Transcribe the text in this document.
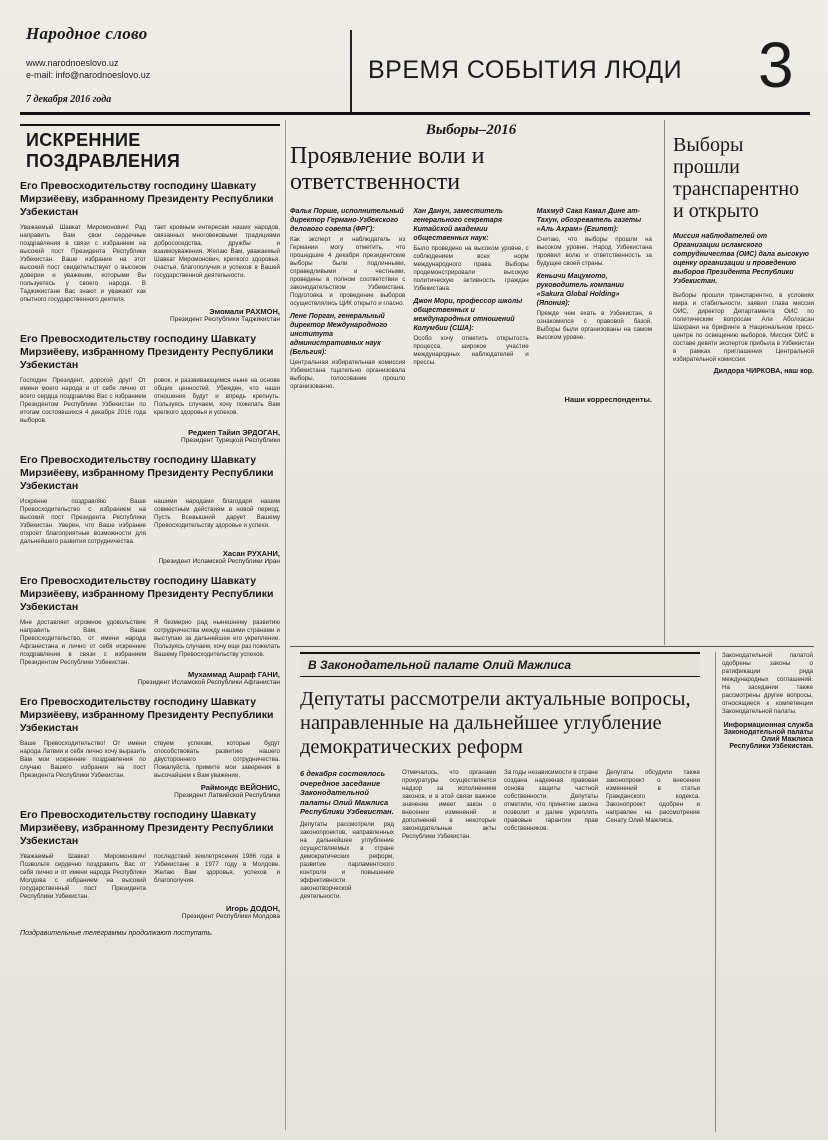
Народное слово
www.narodnoeslovo.uz
e-mail: info@narodnoeslovo.uz
7 декабря 2016 года
ВРЕМЯ СОБЫТИЯ ЛЮДИ 3
ИСКРЕННИЕ ПОЗДРАВЛЕНИЯ
Его Превосходительству господину Шавкату Мирзиёеву, избранному Президенту Республики Узбекистан
Уважаемый Шавкат Миромонович! Рад направить Вам свои сердечные поздравления в связи с избранием на высокий пост Президента Республики Узбекистан. Ваше избрание на этот высокий пост свидетельствует о высоком доверии и уважении, которыми Вы пользуетесь у своего народа. В Таджикистане Вас знают и уважают как опытного государственного деятеля.
тает кровным интересам наших народов, связанных многовековыми традициями добрососедства, дружбы и взаимоуважения. Желаю Вам, уважаемый Шавкат Миромонович, крепкого здоровья, счастья, благополучия и успехов в Вашей государственной деятельности.
Эмомали РАХМОН,
Президент Республики Таджикистан
Его Превосходительству господину Шавкату Мирзиёеву, избранному Президенту Республики Узбекистан
Господин Президент, дорогой друг! От имени моего народа и от себя лично от всего сердца поздравляю Вас с избранием Президентом Республики Узбекистан по итогам состоявшихся 4 декабря 2016 года выборов.
ровок, и раззвивающимся ныне на основе общих ценностей. Убежден, что наши отношения будут и впредь крепнуть. Пользуясь случаем, хочу пожелать Вам крепкого здоровья и успехов.
Реджеп Тайип ЭРДОГАН,
Президент Турецкой Республики
Его Превосходительству господину Шавкату Мирзиёеву, избранному Президенту Республики Узбекистан
Искренне поздравляю Вашe Превосходительство с избранием на высокий пост Президента Республики Узбекистан. Уверен, что Ваше избрание откроет благоприятные возможности для дальнейшего развития сотрудничества.
нашими народами благодаря нашим совместным действиям в новой период. Пусть Всевышний дарует Вашему Превосходительству здоровье и успехи.
Хасан РУХАНИ,
Президент Исламской Республики Иран
Его Превосходительству господину Шавкату Мирзиёеву, избранному Президенту Республики Узбекистан
Мне доставляет огромное удовольствие направить Вам, Ваше Превосходительство, от имени народа Афганистана и лично от себя искренние поздравления в связи с избранием Президентом Республики Узбекистан.
Я безмерно рад нынешнему развитию сотрудничества между нашими странами и выступаю за дальнейшее его укрепление. Пользуясь случаем, хочу еще раз пожелать Вашему Превосходительству успехов.
Мухаммад Ашраф ГАНИ,
Президент Исламской Республики Афганистан
Его Превосходительству господину Шавкату Мирзиёеву, избранному Президенту Республики Узбекистан
Ваше Превосходительство! От имени народа Латвии и себя лично хочу выразить Вам мои искренние поздравления по случаю Вашего избрания на пост Президента Республики Узбекистан.
ствуем успехам, которые будут способствовать развитию нашего двустороннего сотрудничества. Пожалуйста, примите мои заверения в высочайшем к Вам уважении.
Раймондс ВЕЙОНИС,
Президент Латвийской Республики
Его Превосходительству господину Шавкату Мирзиёеву, избранному Президенту Республики Узбекистан
Уважаемый Шавкат Миромонович! Позвольте сердечно поздравить Вас от себя лично и от имени народа Республики Молдова с избранием на высокий государственный пост Президента Республики Узбекистан.
последствий землетрясения 1986 года в Узбекистане в 1977 году в Молдове. Желаю Вам здоровья, успехов и благополучия.
Игорь ДОДОН,
Президент Республики Молдова
Поздравительные телеграммы продолжают поступать.
Выборы–2016
Проявление воли и ответственности
Фальк Порше, исполнительный директор Германо-Узбекского делового совета (ФРГ):
Как эксперт и наблюдатель из Германии могу отметить, что прошедшие 4 декабря президентские выборы были подлинными, справедливыми и честными, проведены в полном соответствии с законодательством Узбекистана. Подготовка и проведение выборов осуществлялись ЦИК открыто и гласно.
Лене Порган, генеральный директор Международного института административных наук (Бельгия):
Центральная избирательная комиссия Узбекистана тщательно организовала выборы, голосование прошло организованно.
Хан Данун, заместитель генерального секретаря Китайской академии общественных наук:
Было проведено на высоком уровне, с соблюдением всех норм международного права. Выборы продемонстрировали высокую политическую активность граждан Узбекистана.
Джон Мори, профессор школы общественных и международных отношений Колумбии (США):
Особо хочу отметить открытость процесса, широкое участие международных наблюдателей и прессы.
Махмуд Сака Камал Дине ат-Тахун, обозреватель газеты «Аль Ахрам» (Египет):
Считаю, что выборы прошли на высоком уровне. Народ Узбекистана проявил волю и ответственность за будущее своей страны.
Кеньичи Мацумото, руководитель компании «Sakura Global Holding» (Япония):
Прежде чем ехать в Узбекистан, я ознакомился с правовой базой. Выборы были организованы на самом высоком уровне.
Наши корреспонденты.
Выборы прошли транспарентно и открыто
Миссия наблюдателей от Организации исламского сотрудничества (ОИС) дала высокую оценку организации и проведению выборов Президента Республики Узбекистан.
Выборы прошли транспарентно, в условиях мира и стабильности, заявил глава миссии ОИС, директор Департамента ОИС по политическим вопросам Али Аболхасан Шахрани на брифинге в Национальном пресс-центре по освещению выборов. Миссия ОИС в составе девяти экспертов прибыла в Узбекистан в рамках приглашения Центральной избирательной комиссии.
Дилдора ЧИРКОВА, наш кор.
В Законодательной палате Олий Мажлиса
Депутаты рассмотрели актуальные вопросы, направленные на дальнейшее углубление демократических реформ
6 декабря состоялось очередное заседание Законодательной палаты Олий Мажлиса Республики Узбекистан.
Депутаты рассмотрели ряд законопроектов, направленных на дальнейшее углубление осуществляемых в стране демократических реформ, развитие парламентского контроля и повышение эффективности законотворческой деятельности.
Отмечалось, что органами прокуратуры осуществляется надзор за исполнением законов, и в этой связи важное значение имеет закон о внесении изменений и дополнений в некоторые законодательные акты Республики Узбекистан.
За годы независимости в стране создана надежная правовая основа защиты частной собственности. Депутаты отметили, что принятие закона позволит и далее укреплять правовые гарантии прав собственников.
Депутаты обсудили также законопроект о внесении изменений в статьи Гражданского кодекса. Законопроект одобрен и направлен на рассмотрение Сенату Олий Мажлиса.
Законодательной палатой одобрены законы о ратификации ряда международных соглашений. На заседании также рассмотрены другие вопросы, относящиеся к компетенции Законодательной палаты.
Информационная служба Законодательной палаты Олий Мажлиса Республики Узбекистан.
